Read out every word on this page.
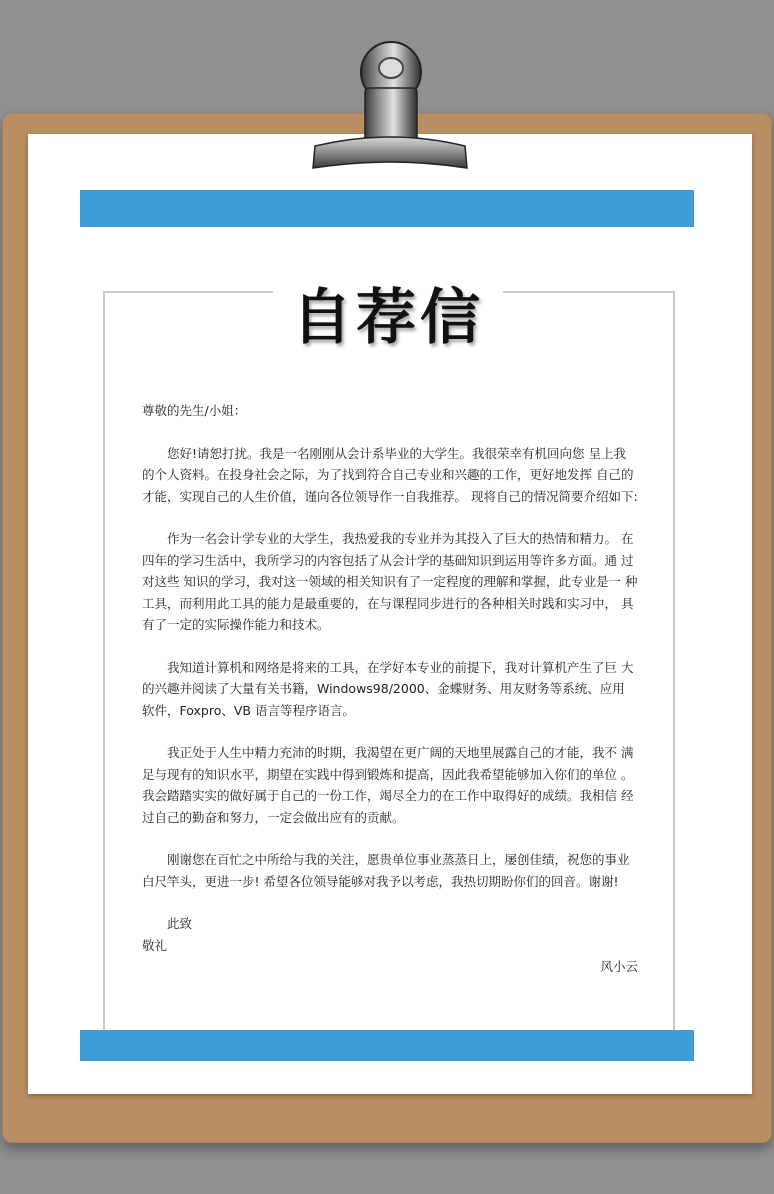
自荐信
尊敬的先生/小姐：
您好!请恕打扰。我是一名刚刚从会计系毕业的大学生。我很荣幸有机回向您 呈上我的个人资料。在投身社会之际，为了找到符合自己专业和兴趣的工作，更好地发挥 自己的才能，实现自己的人生价值，谨向各位领导作一自我推荐。 现将自己的情况简要介绍如下:
作为一名会计学专业的大学生，我热爱我的专业并为其投入了巨大的热情和精力。 在四年的学习生活中，我所学习的内容包括了从会计学的基础知识到运用等许多方面。通 过对这些 知识的学习，我对这一领域的相关知识有了一定程度的理解和掌握，此专业是一 种工具，而利用此工具的能力是最重要的，在与课程同步进行的各种相关时践和实习中， 具有了一定的实际操作能力和技术。
我知道计算机和网络是将来的工具，在学好本专业的前提下，我对计算机产生了巨 大的兴趣并阅读了大量有关书籍，Windows98/2000、金蝶财务、用友财务等系统、应用 软件，Foxpro、VB 语言等程序语言。
我正处于人生中精力充沛的时期，我渴望在更广阔的天地里展露自己的才能，我不 满足与现有的知识水平，期望在实践中得到锻炼和提高，因此我希望能够加入你们的单位 。我会踏踏实实的做好属于自己的一份工作，竭尽全力的在工作中取得好的成绩。我相信 经过自己的勤奋和努力，一定会做出应有的贡献。
刚谢您在百忙之中所给与我的关注，愿贵单位事业蒸蒸日上，屡创佳绩，祝您的事业 白尺竿头，更进一步! 希望各位领导能够对我予以考虑，我热切期盼你们的回音。谢谢!
此致
敬礼
风小云
